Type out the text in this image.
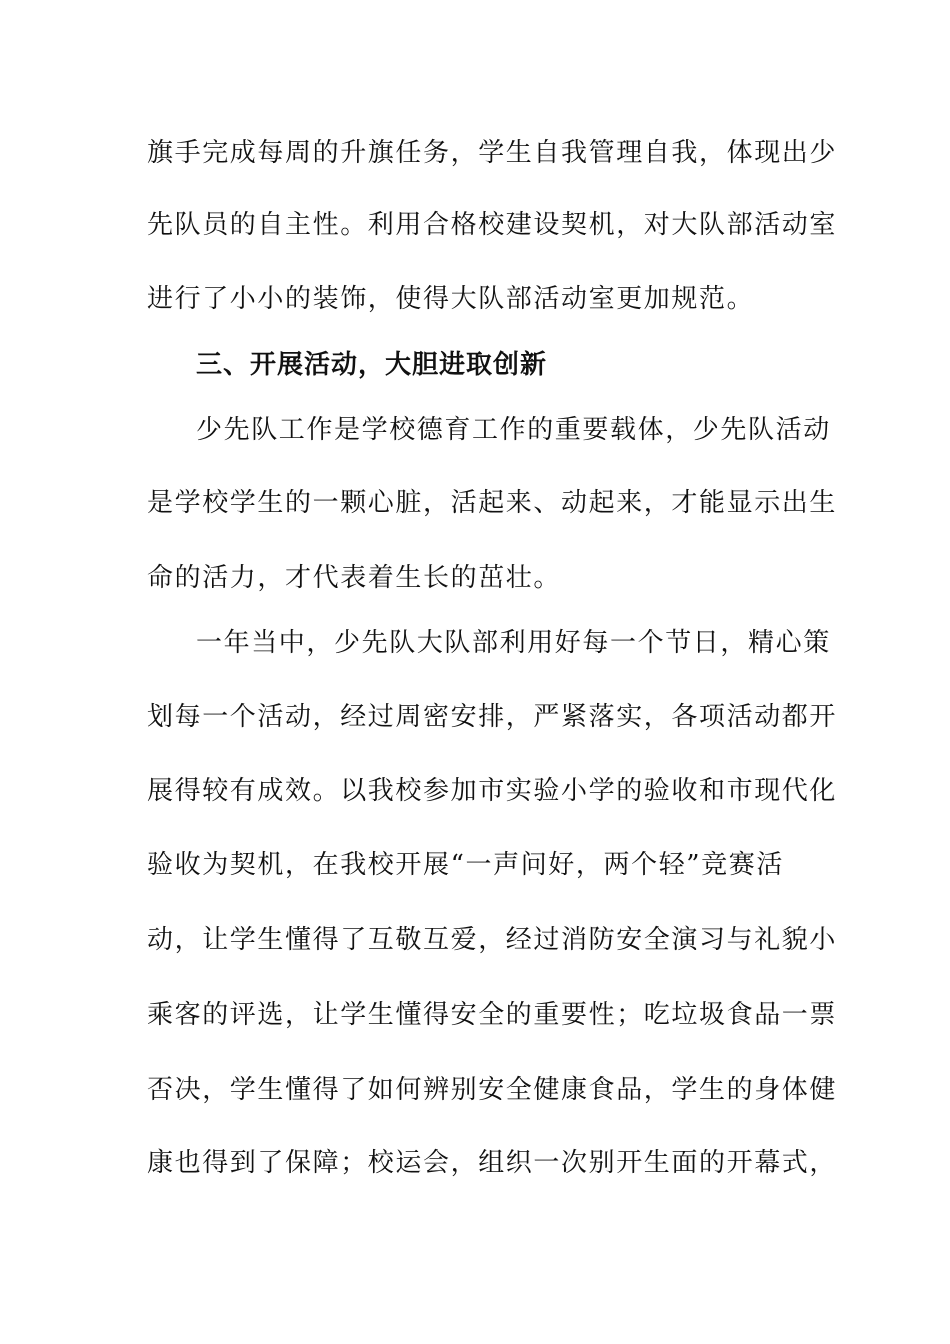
旗手完成每周的升旗任务，学生自我管理自我，体现出少
先队员的自主性。利用合格校建设契机，对大队部活动室
进行了小小的装饰，使得大队部活动室更加规范。
三、开展活动，大胆进取创新
少先队工作是学校德育工作的重要载体，少先队活动
是学校学生的一颗心脏，活起来、动起来，才能显示出生
命的活力，才代表着生长的茁壮。
一年当中，少先队大队部利用好每一个节日，精心策
划每一个活动，经过周密安排，严紧落实，各项活动都开
展得较有成效。以我校参加市实验小学的验收和市现代化
验收为契机，在我校开展“一声问好，两个轻”竞赛活
动，让学生懂得了互敬互爱，经过消防安全演习与礼貌小
乘客的评选，让学生懂得安全的重要性；吃垃圾食品一票
否决，学生懂得了如何辨别安全健康食品，学生的身体健
康也得到了保障；校运会，组织一次别开生面的开幕式，
